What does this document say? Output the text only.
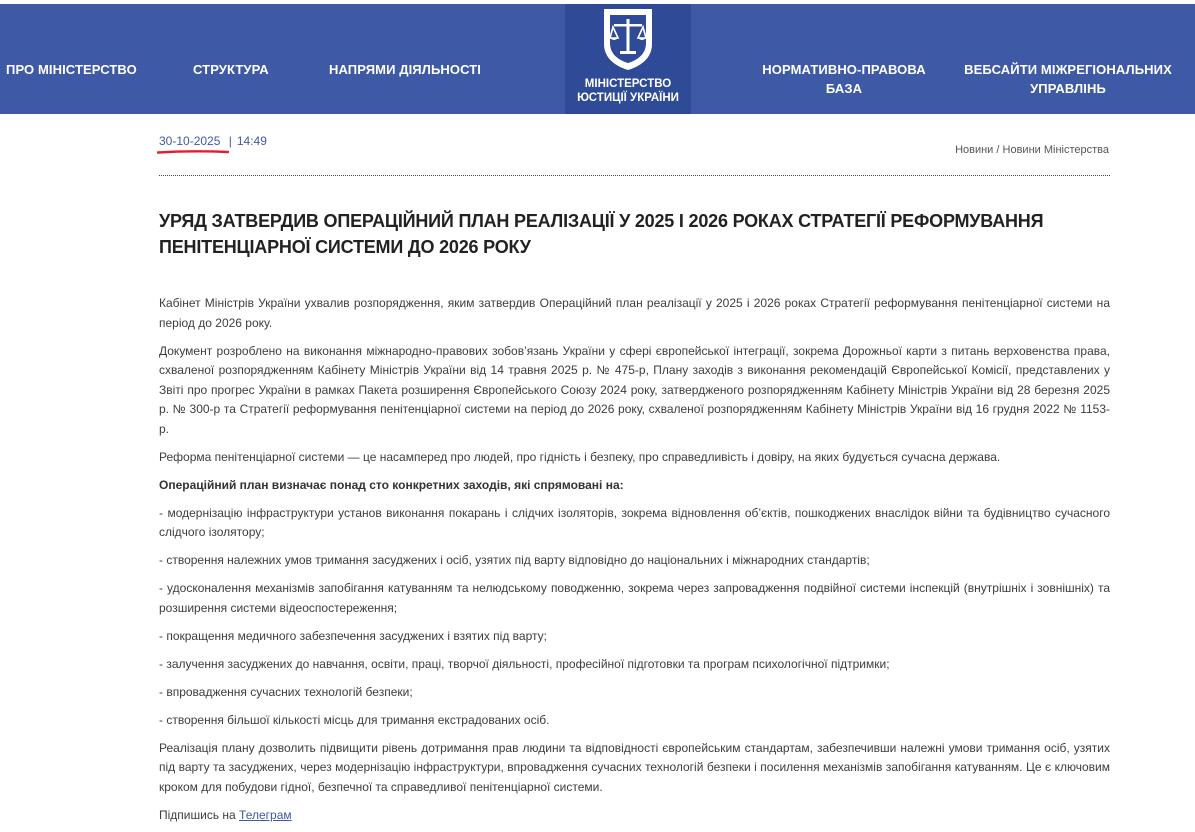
ПРО МІНІСТЕРСТВО	СТРУКТУРА	НАПРЯМИ ДІЯЛЬНОСТІ	НОРМАТИВНО-ПРАВОВА БАЗА
ВЕБСАЙТИ МІЖРЕГІОНАЛЬНИХ УПРАВЛІНЬ
МІНІСТЕРСТВО
ЮСТИЦІЇ УКРАЇНИ
30-10-2025 | 14:49
Новини / Новини Міністерства
УРЯД ЗАТВЕРДИВ ОПЕРАЦІЙНИЙ ПЛАН РЕАЛІЗАЦІЇ У 2025 І 2026 РОКАХ СТРАТЕГІЇ РЕФОРМУВАННЯ ПЕНІТЕНЦІАРНОЇ СИСТЕМИ ДО 2026 РОКУ

Кабінет Міністрів України ухвалив розпорядження, яким затвердив Операційний план реалізації у 2025 і 2026 роках Стратегії реформування пенітенціарної системи на період до 2026 року.

Документ розроблено на виконання міжнародно-правових зобов’язань України у сфері європейської інтеграції, зокрема Дорожньої карти з питань верховенства права, схваленої розпорядженням Кабінету Міністрів України від 14 травня 2025 р. № 475-р, Плану заходів з виконання рекомендацій Європейської Комісії, представлених у Звіті про прогрес України в рамках Пакета розширення Європейського Союзу 2024 року, затвердженого розпорядженням Кабінету Міністрів України від 28 березня 2025 р. № 300-р та Стратегії реформування пенітенціарної системи на період до 2026 року, схваленої розпорядженням Кабінету Міністрів України від 16 грудня 2022 № 1153-р.

Реформа пенітенціарної системи — це насамперед про людей, про гідність і безпеку, про справедливість і довіру, на яких будується сучасна держава.

Операційний план визначає понад сто конкретних заходів, які спрямовані на:

- модернізацію інфраструктури установ виконання покарань і слідчих ізоляторів, зокрема відновлення об’єктів, пошкоджених внаслідок війни та будівництво сучасного слідчого ізолятору;

- створення належних умов тримання засуджених і осіб, узятих під варту відповідно до національних і міжнародних стандартів;

- удосконалення механізмів запобігання катуванням та нелюдському поводженню, зокрема через запровадження подвійної системи інспекцій (внутрішніх і зовнішніх) та розширення системи відеоспостереження;

- покращення медичного забезпечення засуджених і взятих під варту;

- залучення засуджених до навчання, освіти, праці, творчої діяльності, професійної підготовки та програм психологічної підтримки;

- впровадження сучасних технологій безпеки;

- створення більшої кількості місць для тримання екстрадованих осіб.

Реалізація плану дозволить підвищити рівень дотримання прав людини та відповідності європейським стандартам, забезпечивши належні умови тримання осіб, узятих під варту та засуджених, через модернізацію інфраструктури, впровадження сучасних технологій безпеки і посилення механізмів запобігання катуванням. Це є ключовим кроком для побудови гідної, безпечної та справедливої пенітенціарної системи.

Підпишись на Телеграм
